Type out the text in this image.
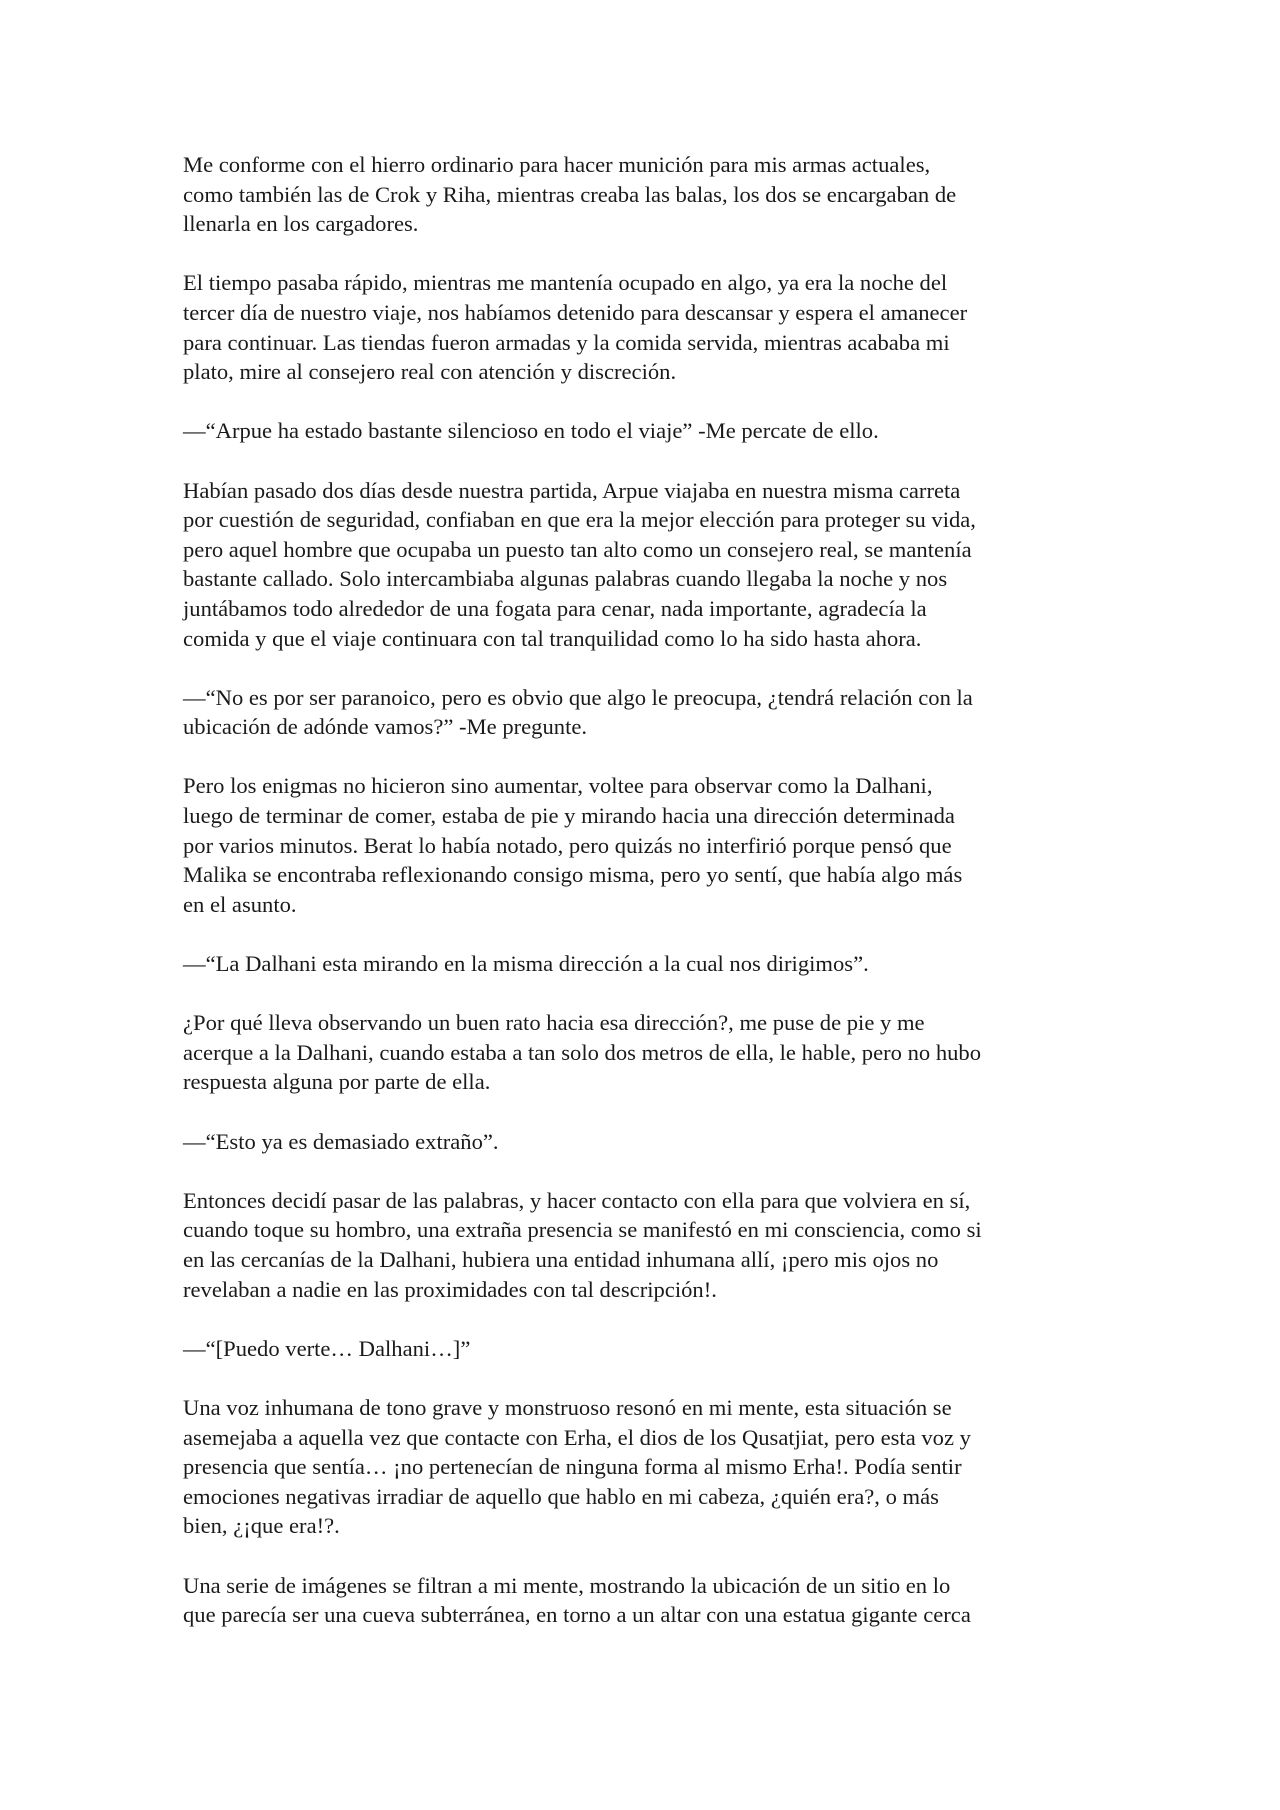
Me conforme con el hierro ordinario para hacer munición para mis armas actuales,
como también las de Crok y Riha, mientras creaba las balas, los dos se encargaban de
llenarla en los cargadores.

El tiempo pasaba rápido, mientras me mantenía ocupado en algo, ya era la noche del
tercer día de nuestro viaje, nos habíamos detenido para descansar y espera el amanecer
para continuar. Las tiendas fueron armadas y la comida servida, mientras acababa mi
plato, mire al consejero real con atención y discreción.

—“Arpue ha estado bastante silencioso en todo el viaje” -Me percate de ello.

Habían pasado dos días desde nuestra partida, Arpue viajaba en nuestra misma carreta
por cuestión de seguridad, confiaban en que era la mejor elección para proteger su vida,
pero aquel hombre que ocupaba un puesto tan alto como un consejero real, se mantenía
bastante callado. Solo intercambiaba algunas palabras cuando llegaba la noche y nos
juntábamos todo alrededor de una fogata para cenar, nada importante, agradecía la
comida y que el viaje continuara con tal tranquilidad como lo ha sido hasta ahora.

—“No es por ser paranoico, pero es obvio que algo le preocupa, ¿tendrá relación con la
ubicación de adónde vamos?” -Me pregunte.

Pero los enigmas no hicieron sino aumentar, voltee para observar como la Dalhani,
luego de terminar de comer, estaba de pie y mirando hacia una dirección determinada
por varios minutos. Berat lo había notado, pero quizás no interfirió porque pensó que
Malika se encontraba reflexionando consigo misma, pero yo sentí, que había algo más
en el asunto.

—“La Dalhani esta mirando en la misma dirección a la cual nos dirigimos”.

¿Por qué lleva observando un buen rato hacia esa dirección?, me puse de pie y me
acerque a la Dalhani, cuando estaba a tan solo dos metros de ella, le hable, pero no hubo
respuesta alguna por parte de ella.

—“Esto ya es demasiado extraño”.

Entonces decidí pasar de las palabras, y hacer contacto con ella para que volviera en sí,
cuando toque su hombro, una extraña presencia se manifestó en mi consciencia, como si
en las cercanías de la Dalhani, hubiera una entidad inhumana allí, ¡pero mis ojos no
revelaban a nadie en las proximidades con tal descripción!.

—“[Puedo verte… Dalhani…]”

Una voz inhumana de tono grave y monstruoso resonó en mi mente, esta situación se
asemejaba a aquella vez que contacte con Erha, el dios de los Qusatjiat, pero esta voz y
presencia que sentía… ¡no pertenecían de ninguna forma al mismo Erha!. Podía sentir
emociones negativas irradiar de aquello que hablo en mi cabeza, ¿quién era?, o más
bien, ¿¡que era!?.

Una serie de imágenes se filtran a mi mente, mostrando la ubicación de un sitio en lo
que parecía ser una cueva subterránea, en torno a un altar con una estatua gigante cerca
